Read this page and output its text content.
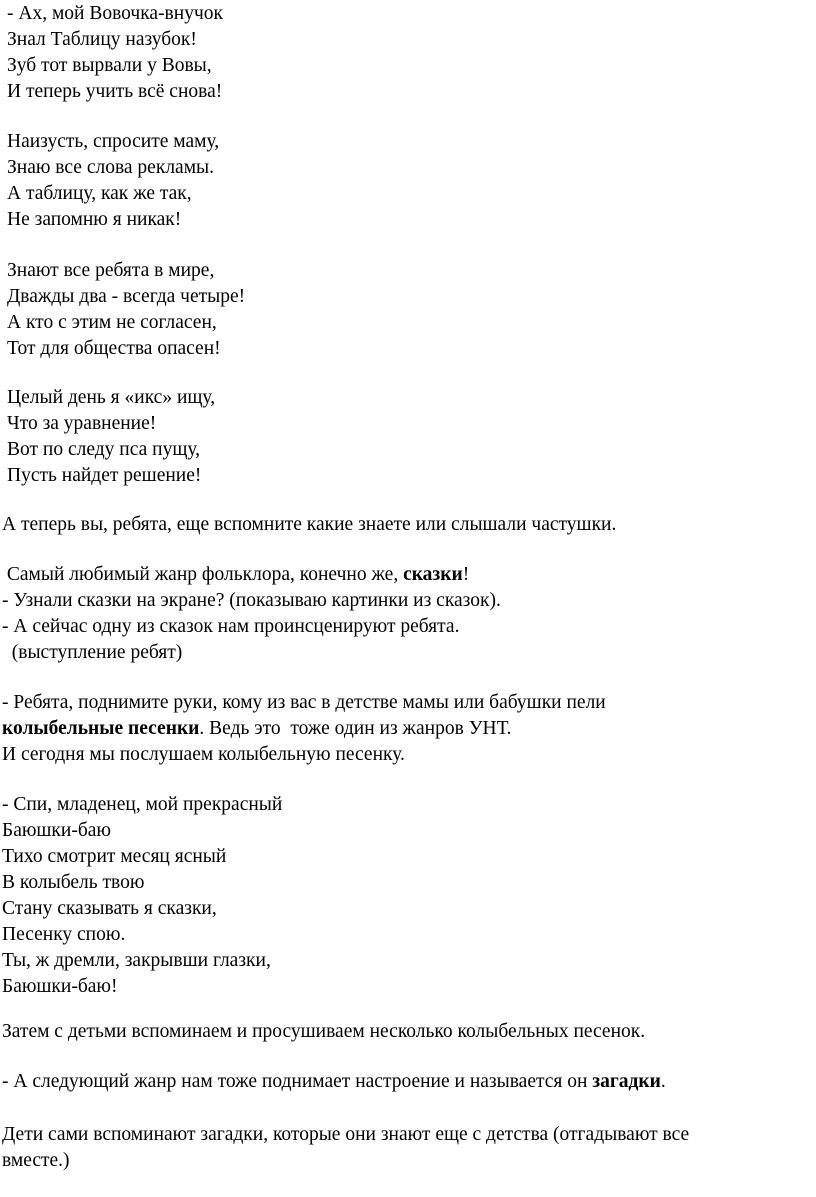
- Ах, мой Вовочка-внучок
Знал Таблицу назубок!
Зуб тот вырвали у Вовы,
И теперь учить всё снова!
Наизусть, спросите маму,
Знаю все слова рекламы.
А таблицу, как же так,
Не запомню я никак!
Знают все ребята в мире,
Дважды два - всегда четыре!
А кто с этим не согласен,
Тот для общества опасен!
Целый день я «икс» ищу,
Что за уравнение!
Вот по следу пса пущу,
Пусть найдет решение!
А теперь вы, ребята, еще вспомните какие знаете или слышали частушки.
Самый любимый жанр фольклора, конечно же, сказки!
- Узнали сказки на экране? (показываю картинки из сказок).
- А сейчас одну из сказок нам проинсценируют ребята.
(выступление ребят)
- Ребята, поднимите руки, кому из вас в детстве мамы или бабушки пели
колыбельные песенки. Ведь это  тоже один из жанров УНТ.
И сегодня мы послушаем колыбельную песенку.
- Спи, младенец, мой прекрасный
Баюшки-баю
Тихо смотрит месяц ясный
В колыбель твою
Стану сказывать я сказки,
Песенку спою.
Ты, ж дремли, закрывши глазки,
Баюшки-баю!
Затем с детьми вспоминаем и просушиваем несколько колыбельных песенок.
- А следующий жанр нам тоже поднимает настроение и называется он загадки.
Дети сами вспоминают загадки, которые они знают еще с детства (отгадывают все
вместе.)
